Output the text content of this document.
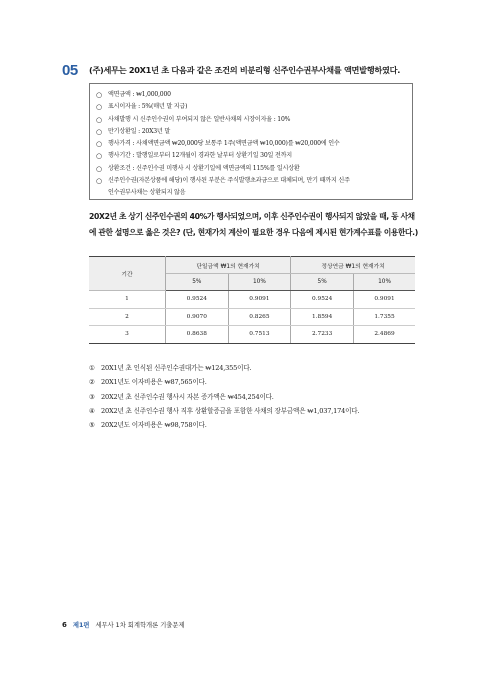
05 (주)세무는 20X1년 초 다음과 같은 조건의 비분리형 신주인수권부사채를 액면발행하였다.
○ 액면금액 : ₩1,000,000
○ 표시이자율 : 5%(매년 말 지급)
○ 사채발행 시 신주인수권이 부여되지 않은 일반사채의 시장이자율 : 10%
○ 만기상환일 : 20X3년 말
○ 행사가격 : 사채액면금액 ₩20,000당 보통주 1주(액면금액 ₩10,000)를 ₩20,000에 인수
○ 행사기간 : 발행일로부터 12개월이 경과한 날부터 상환기일 30일 전까지
○ 상환조건 : 신주인수권 미행사 시 상환기일에 액면금액의 115%를 일시상환
○ 신주인수권(자본상품에 해당)이 행사된 부분은 주식발행초과금으로 대체되며, 만기 때까지 신주
인수권부사채는 상환되지 않음
20X2년 초 상기 신주인수권의 40%가 행사되었으며, 이후 신주인수권이 행사되지 않았을 때, 동 사채에 관한 설명으로 옳은 것은? (단, 현재가치 계산이 필요한 경우 다음에 제시된 현가계수표를 이용한다.)
기간	단일금액 ₩1의 현재가치		정상연금 ₩1의 현재가치	
	5%	10%	5%	10%
1	0.9524	0.9091	0.9524	0.9091
2	0.9070	0.8265	1.8594	1.7355
3	0.8638	0.7513	2.7233	2.4869
① 20X1년 초 인식된 신주인수권대가는 ₩124,355이다.
② 20X1년도 이자비용은 ₩87,565이다.
③ 20X2년 초 신주인수권 행사시 자본 증가액은 ₩454,254이다.
④ 20X2년 초 신주인수권 행사 직후 상환할증금을 포함한 사채의 장부금액은 ₩1,037,174이다.
⑤ 20X2년도 이자비용은 ₩98,758이다.
6 제1편 세무사 1차 회계학개론 기출문제
